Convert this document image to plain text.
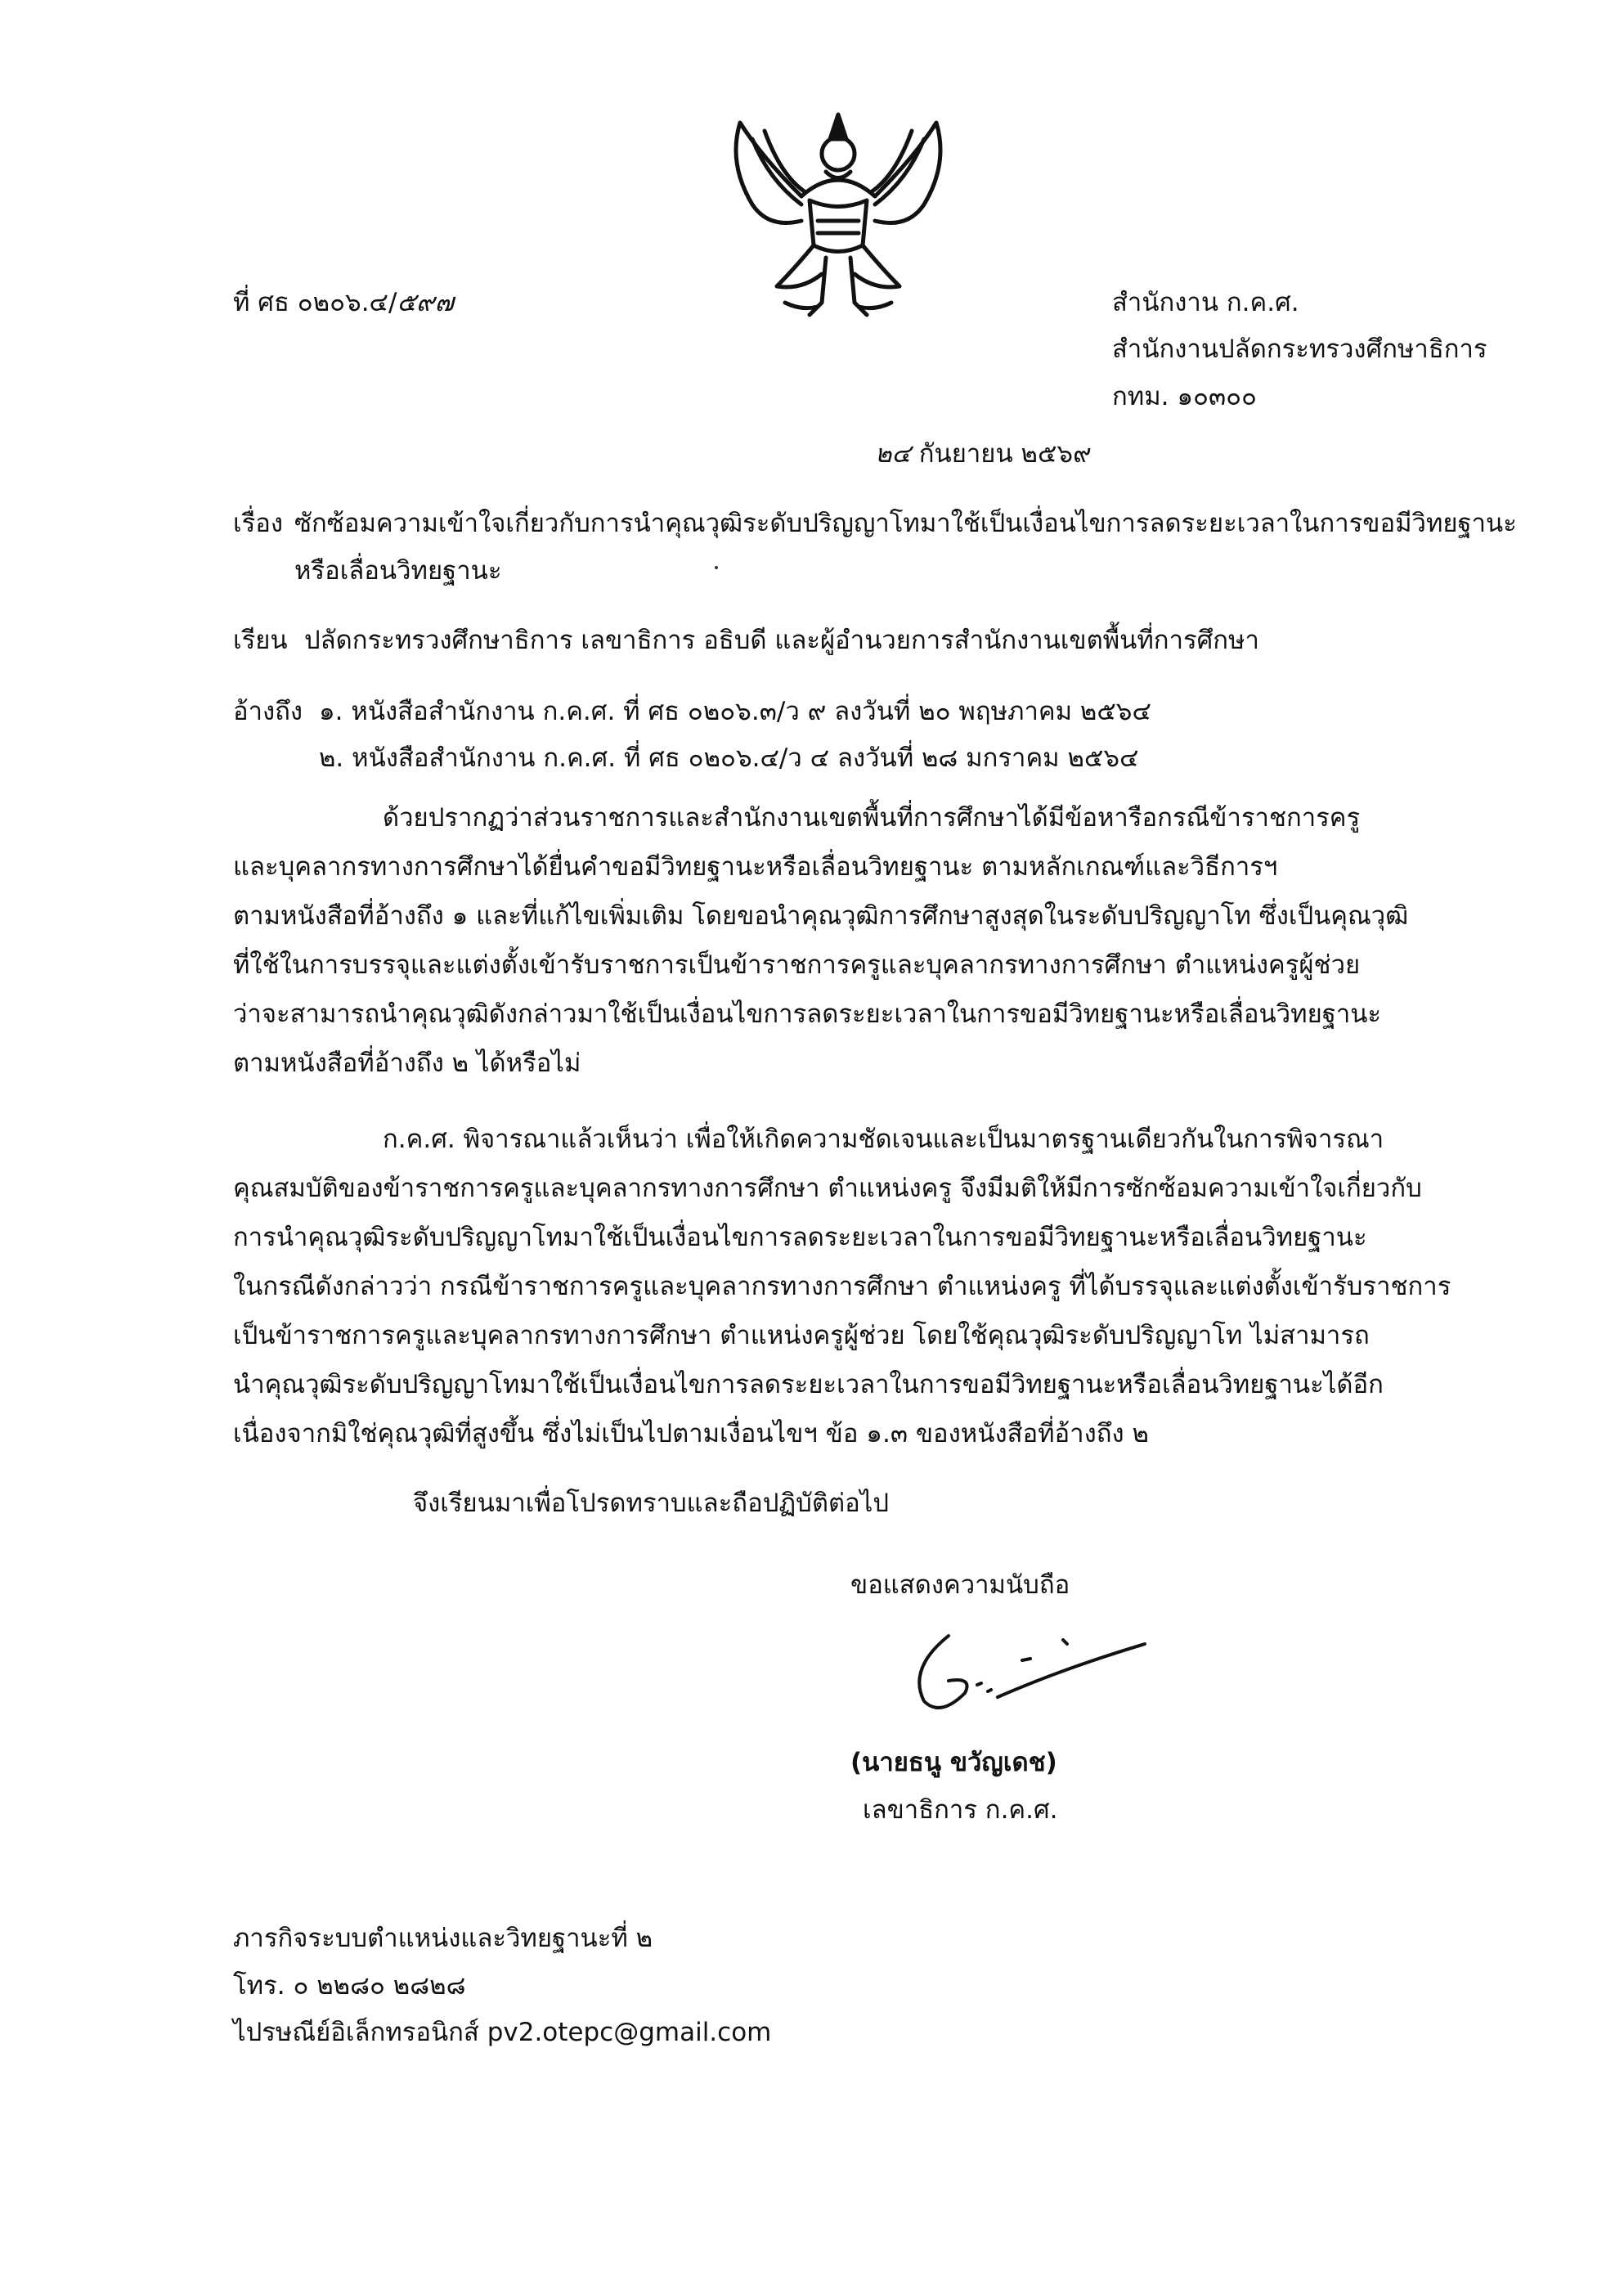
ที่ ศธ ๐๒๐๖.๔/๕๙๗	สำนักงาน ก.ค.ศ.
สำนักงานปลัดกระทรวงศึกษาธิการ
กทม. ๑๐๓๐๐
๒๔ กันยายน ๒๕๖๙
เรื่อง ซักซ้อมความเข้าใจเกี่ยวกับการนำคุณวุฒิระดับปริญญาโทมาใช้เป็นเงื่อนไขการลดระยะเวลาในการขอมีวิทยฐานะ
หรือเลื่อนวิทยฐานะ
เรียน ปลัดกระทรวงศึกษาธิการ เลขาธิการ อธิบดี และผู้อำนวยการสำนักงานเขตพื้นที่การศึกษา
อ้างถึง ๑. หนังสือสำนักงาน ก.ค.ศ. ที่ ศธ ๐๒๐๖.๓/ว ๙ ลงวันที่ ๒๐ พฤษภาคม ๒๕๖๔
๒. หนังสือสำนักงาน ก.ค.ศ. ที่ ศธ ๐๒๐๖.๔/ว ๔ ลงวันที่ ๒๘ มกราคม ๒๕๖๔
ด้วยปรากฏว่าส่วนราชการและสำนักงานเขตพื้นที่การศึกษาได้มีข้อหารือกรณีข้าราชการครู
และบุคลากรทางการศึกษาได้ยื่นคำขอมีวิทยฐานะหรือเลื่อนวิทยฐานะ ตามหลักเกณฑ์และวิธีการฯ
ตามหนังสือที่อ้างถึง ๑ และที่แก้ไขเพิ่มเติม โดยขอนำคุณวุฒิการศึกษาสูงสุดในระดับปริญญาโท ซึ่งเป็นคุณวุฒิ
ที่ใช้ในการบรรจุและแต่งตั้งเข้ารับราชการเป็นข้าราชการครูและบุคลากรทางการศึกษา ตำแหน่งครูผู้ช่วย
ว่าจะสามารถนำคุณวุฒิดังกล่าวมาใช้เป็นเงื่อนไขการลดระยะเวลาในการขอมีวิทยฐานะหรือเลื่อนวิทยฐานะ
ตามหนังสือที่อ้างถึง ๒ ได้หรือไม่
ก.ค.ศ. พิจารณาแล้วเห็นว่า เพื่อให้เกิดความชัดเจนและเป็นมาตรฐานเดียวกันในการพิจารณา
คุณสมบัติของข้าราชการครูและบุคลากรทางการศึกษา ตำแหน่งครู จึงมีมติให้มีการซักซ้อมความเข้าใจเกี่ยวกับ
การนำคุณวุฒิระดับปริญญาโทมาใช้เป็นเงื่อนไขการลดระยะเวลาในการขอมีวิทยฐานะหรือเลื่อนวิทยฐานะ
ในกรณีดังกล่าวว่า กรณีข้าราชการครูและบุคลากรทางการศึกษา ตำแหน่งครู ที่ได้บรรจุและแต่งตั้งเข้ารับราชการ
เป็นข้าราชการครูและบุคลากรทางการศึกษา ตำแหน่งครูผู้ช่วย โดยใช้คุณวุฒิระดับปริญญาโท ไม่สามารถ
นำคุณวุฒิระดับปริญญาโทมาใช้เป็นเงื่อนไขการลดระยะเวลาในการขอมีวิทยฐานะหรือเลื่อนวิทยฐานะได้อีก
เนื่องจากมิใช่คุณวุฒิที่สูงขึ้น ซึ่งไม่เป็นไปตามเงื่อนไขฯ ข้อ ๑.๓ ของหนังสือที่อ้างถึง ๒
จึงเรียนมาเพื่อโปรดทราบและถือปฏิบัติต่อไป
ขอแสดงความนับถือ
(นายธนู ขวัญเดช)
เลขาธิการ ก.ค.ศ.
ภารกิจระบบตำแหน่งและวิทยฐานะที่ ๒
โทร. ๐ ๒๒๘๐ ๒๘๒๘
ไปรษณีย์อิเล็กทรอนิกส์ pv2.otepc@gmail.com
